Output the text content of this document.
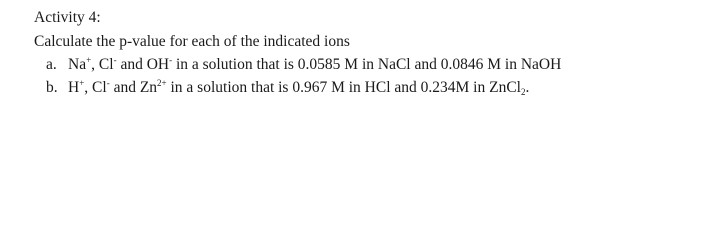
Activity 4:
Calculate the p-value for each of the indicated ions
a. Na+, Cl- and OH- in a solution that is 0.0585 M in NaCl and 0.0846 M in NaOH
b. H+, Cl- and $Zn^{2+}$ in a solution that is 0.967 M in HCl and 0.234M in ZnCl$_2$.
